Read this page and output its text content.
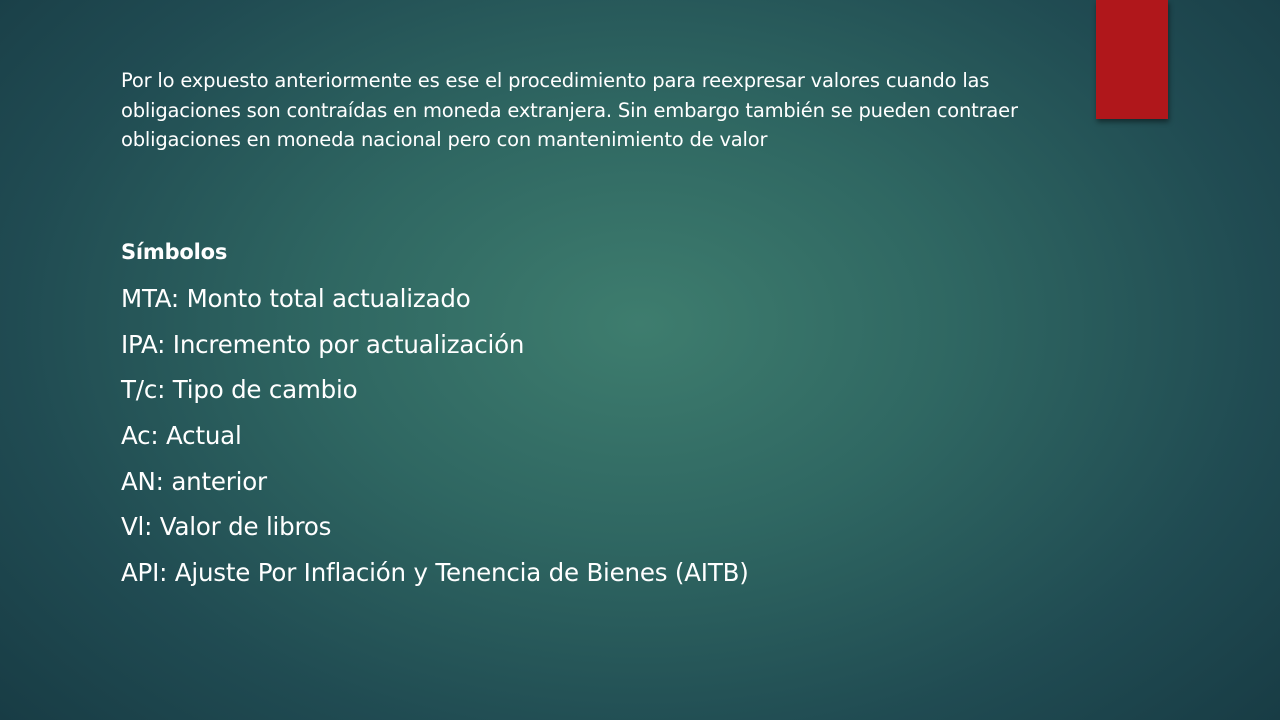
Por lo expuesto anteriormente es ese el procedimiento para reexpresar valores cuando las obligaciones son contraídas en moneda extranjera. Sin embargo también se pueden contraer obligaciones en moneda nacional pero con mantenimiento de valor
Símbolos
MTA: Monto total actualizado
IPA: Incremento por actualización
T/c: Tipo de cambio
Ac: Actual
AN: anterior
Vl: Valor de libros
API: Ajuste Por Inflación y Tenencia de Bienes (AITB)
